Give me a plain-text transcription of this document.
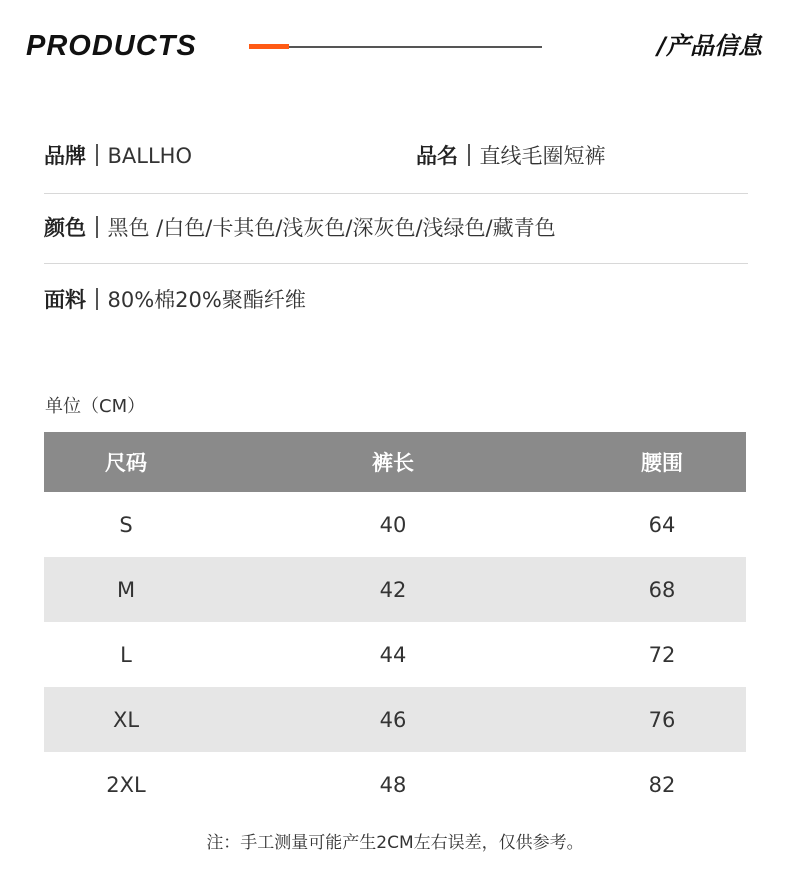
PRODUCTS	/产品信息
品牌 BALLHO	品名 直线毛圈短裤
颜色 黑色 /白色/卡其色/浅灰色/深灰色/浅绿色/藏青色
面料 80%棉20%聚酯纤维
单位（CM）
尺码	裤长	腰围
S	40	64
M	42	68
L	44	72
XL	46	76
2XL	48	82
注：手工测量可能产生2CM左右误差，仅供参考。
